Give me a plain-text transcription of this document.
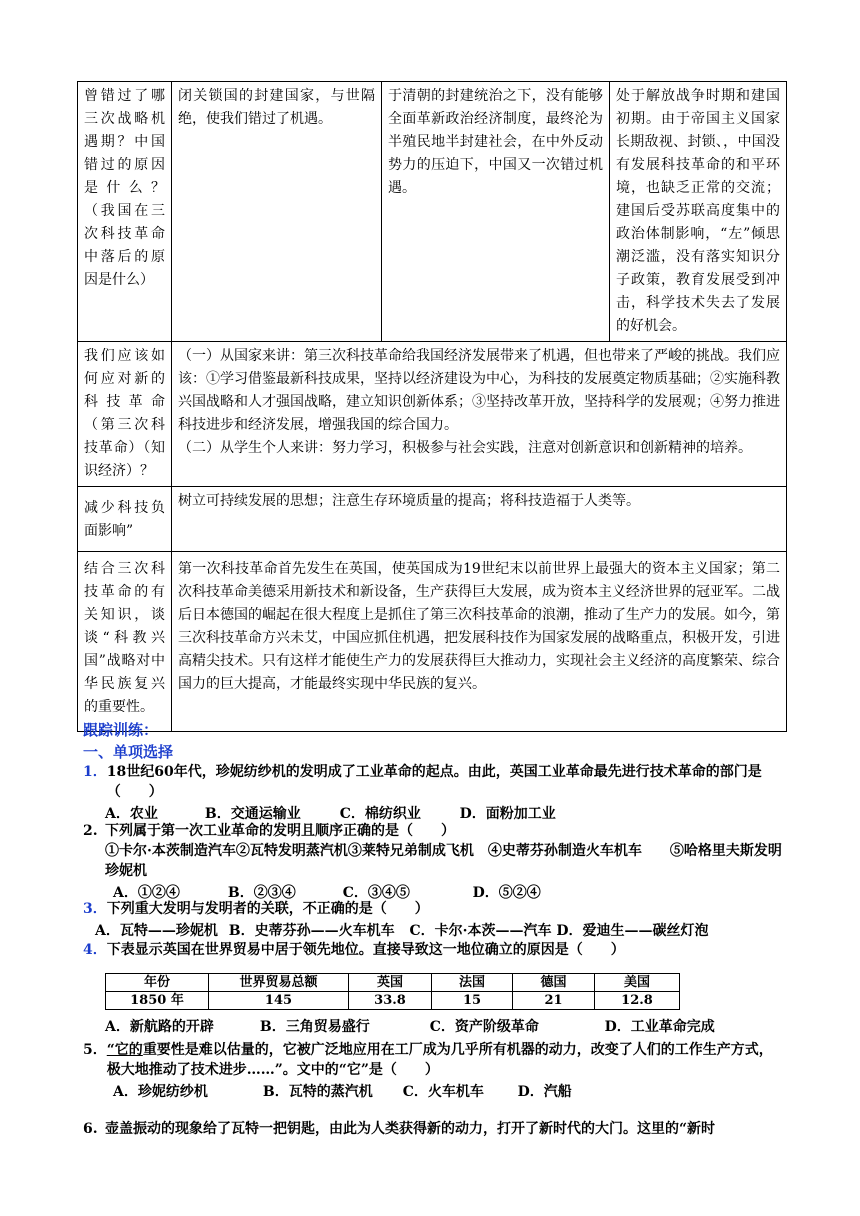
曾错过了哪三次战略机遇期？中国错过的原因是什么？（我国在三次科技革命中落后的原因是什么）	闭关锁国的封建国家，与世隔绝，使我们错过了机遇。	于清朝的封建统治之下，没有能够全面革新政治经济制度，最终沦为半殖民地半封建社会，在中外反动势力的压迫下，中国又一次错过机遇。	处于解放战争时期和建国初期。由于帝国主义国家长期敌视、封锁、，中国没有发展科技革命的和平环境，也缺乏正常的交流；建国后受苏联高度集中的政治体制影响，“左”倾思潮泛滥，没有落实知识分子政策，教育发展受到冲击，科学技术失去了发展的好机会。
我们应该如何应对新的科技革命（第三次科技革命）（知识经济）？	（一）从国家来讲：第三次科技革命给我国经济发展带来了机遇，但也带来了严峻的挑战。我们应该：①学习借鉴最新科技成果，坚持以经济建设为中心，为科技的发展奠定物质基础；②实施科教兴国战略和人才强国战略，建立知识创新体系；③坚持改革开放，坚持科学的发展观；④努力推进科技进步和经济发展，增强我国的综合国力。
（二）从学生个人来讲：努力学习，积极参与社会实践，注意对创新意识和创新精神的培养。		

减少科技负面影响”	树立可持续发展的思想；注意生存环境质量的提高；将科技造福于人类等。		
结合三次科技革命的有关知识，谈谈“科教兴国”战略对中华民族复兴的重要性。	第一次科技革命首先发生在英国，使英国成为19世纪末以前世界上最强大的资本主义国家；第二次科技革命美德采用新技术和新设备，生产获得巨大发展，成为资本主义经济世界的冠亚军。二战后日本德国的崛起在很大程度上是抓住了第三次科技革命的浪潮，推动了生产力的发展。如今，第三次科技革命方兴未艾，中国应抓住机遇，把发展科技作为国家发展的战略重点，积极开发，引进高精尖技术。只有这样才能使生产力的发展获得巨大推动力，实现社会主义经济的高度繁荣、综合国力的巨大提高，才能最终实现中华民族的复兴。		
跟踪训练：
一、单项选择
1． 18世纪60年代，珍妮纺纱机的发明成了工业革命的起点。由此，英国工业革命最先进行技术革命的部门是（　　）
A．农业	B．交通运输业	C．棉纺织业	D．面粉加工业
2. 下列属于第一次工业革命的发明且顺序正确的是（　　）
①卡尔·本茨制造汽车②瓦特发明蒸汽机③莱特兄弟制成飞机　④史蒂芬孙制造火车机车　　⑤哈格里夫斯发明珍妮机
A．①②④	B．②③④	C．③④⑤	D．⑤②④
3． 下列重大发明与发明者的关联，不正确的是（　　）
A．瓦特——珍妮机 B．史蒂芬孙——火车机车 C．卡尔·本茨——汽车 D．爱迪生——碳丝灯泡
4． 下表显示英国在世界贸易中居于领先地位。直接导致这一地位确立的原因是（　　）
年份	世界贸易总额	英国	法国	德国	美国
1850 年	145	33.8	15	21	12.8
A．新航路的开辟	B．三角贸易盛行	C．资产阶级革命	D．工业革命完成
5． “它的重要性是难以估量的，它被广泛地应用在工厂成为几乎所有机器的动力，改变了人们的工作生产方式，极大地推动了技术进步……”。文中的“它”是（　　）
A．珍妮纺纱机	B．瓦特的蒸汽机 C．火车机车 D．汽船
6. 壶盖振动的现象给了瓦特一把钥匙，由此为人类获得新的动力，打开了新时代的大门。这里的“新时
